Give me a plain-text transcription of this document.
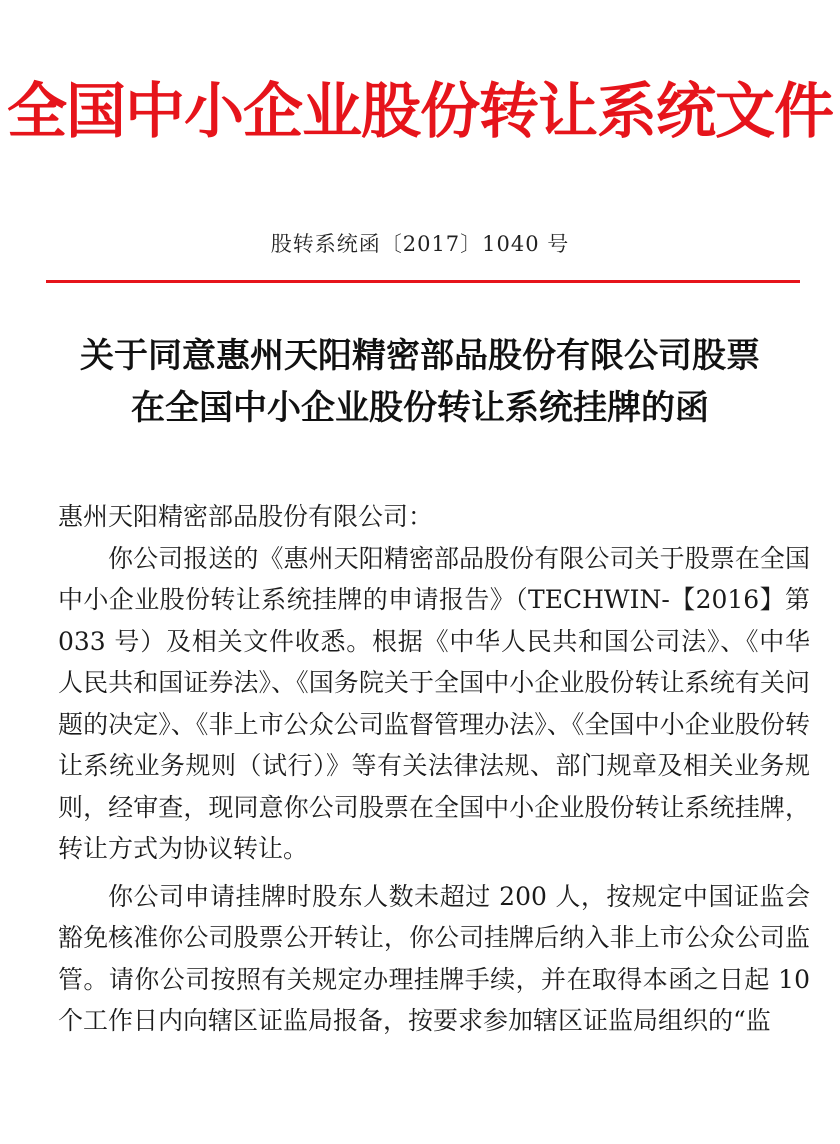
全国中小企业股份转让系统文件
股转系统函〔2017〕1040 号
关于同意惠州天阳精密部品股份有限公司股票
在全国中小企业股份转让系统挂牌的函

惠州天阳精密部品股份有限公司：

你公司报送的《惠州天阳精密部品股份有限公司关于股票在全国中小企业股份转让系统挂牌的申请报告》（TECHWIN-【2016】第 033 号）及相关文件收悉。根据《中华人民共和国公司法》、《中华人民共和国证券法》、《国务院关于全国中小企业股份转让系统有关问题的决定》、《非上市公众公司监督管理办法》、《全国中小企业股份转让系统业务规则（试行）》等有关法律法规、部门规章及相关业务规则，经审查，现同意你公司股票在全国中小企业股份转让系统挂牌，转让方式为协议转让。

你公司申请挂牌时股东人数未超过 200 人，按规定中国证监会豁免核准你公司股票公开转让，你公司挂牌后纳入非上市公众公司监管。请你公司按照有关规定办理挂牌手续，并在取得本函之日起 10 个工作日内向辖区证监局报备，按要求参加辖区证监局组织的“监
